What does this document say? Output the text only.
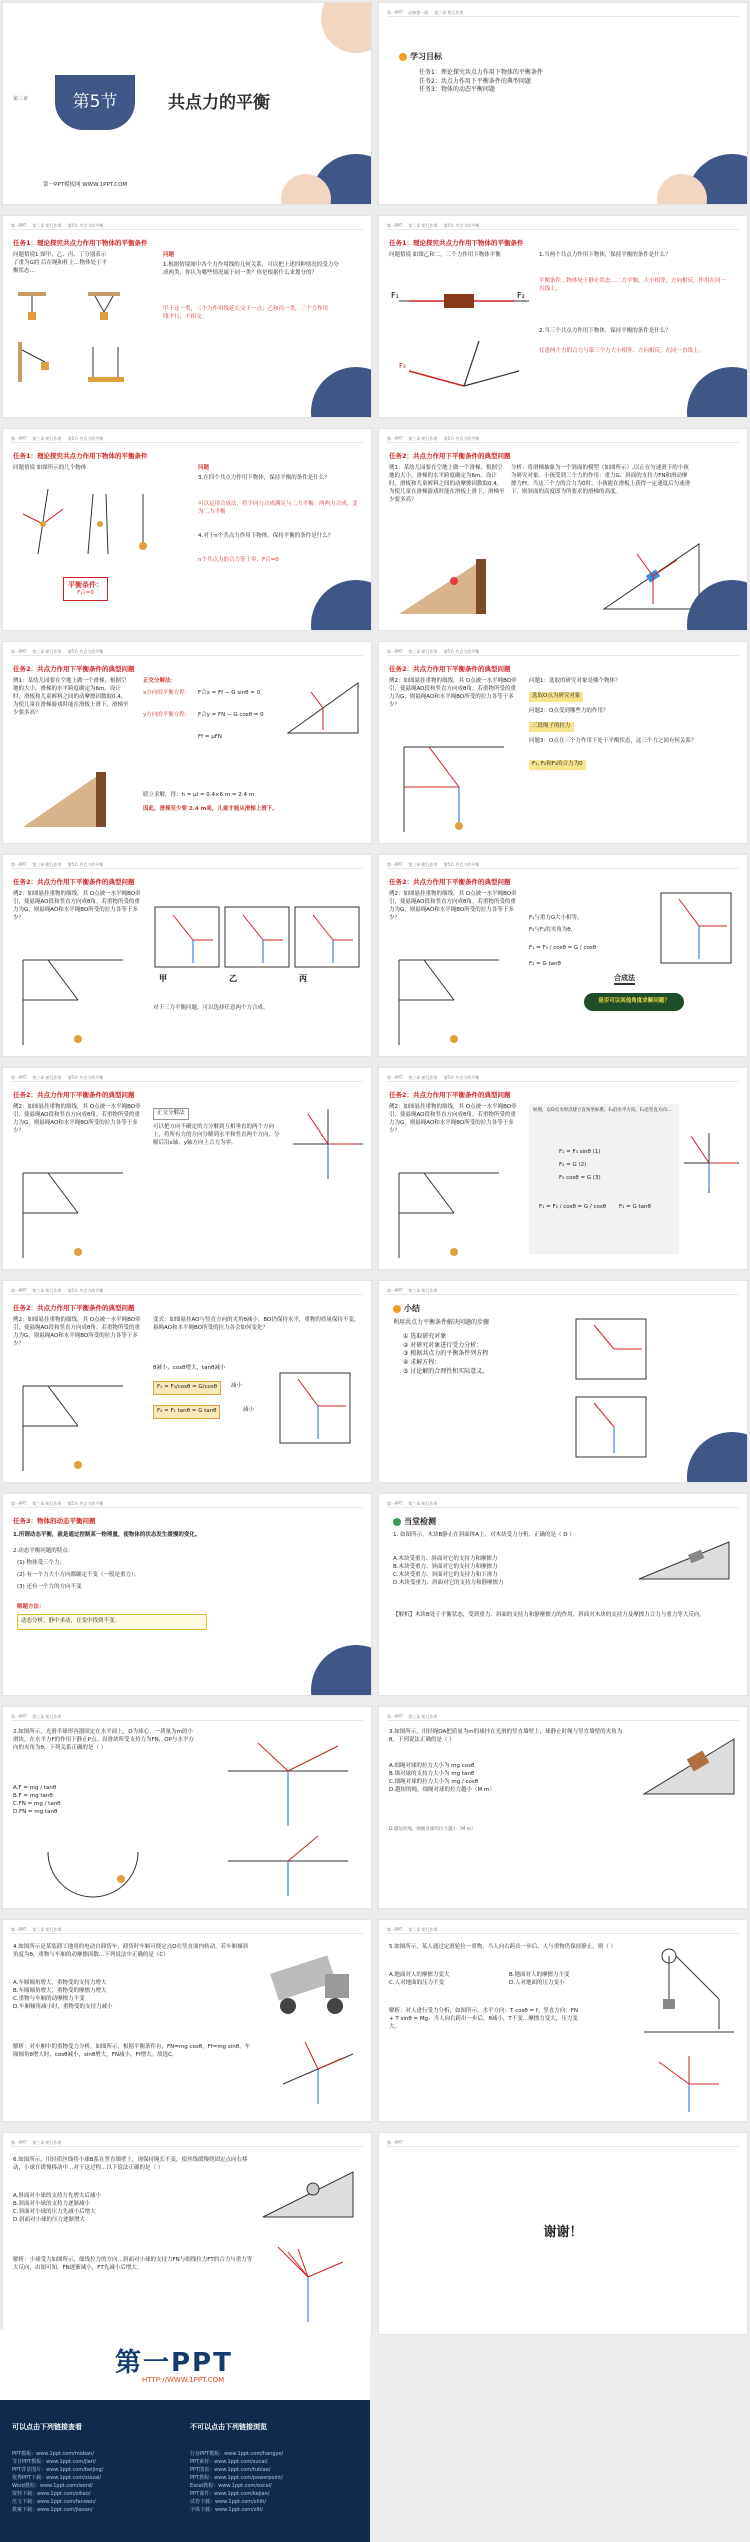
第三章	第5节	共点力的平衡
第一PPT模板网 WWW.1PPT.COM
第一PPT 必修第一册 第三章 相互作用
学习目标
任务1：理论探究共点力作用下物体的平衡条件
任务2：共点力作用下平衡条件的典型问题
任务3：物体的动态平衡问题
第一PPT 第三章 相互作用 第5节 共点力的平衡
任务1：理论探究共点力作用下物体的平衡条件
问题情境1 图甲、乙、丙、丁分别表示了重为G的 后在绳和杆上…物体处于平衡状态…
问题
1.根据情境图中各个力作用线的几何关系，可以把上述四种情况的受力分成两类，你认为哪些情况属于同一类？你是根据什么来划分的？
甲于这一类，三个力作用线延长交于一点；乙和丙一类，三个力作用线平行，不相交。
第一PPT 第三章 相互作用 第5节 共点力的平衡
任务1：理论探究共点力作用下物体的平衡条件
问题情境 如图乙和二，三个力作用下物体平衡
F₁	F₂
F₃
1.当两个共点力作用下物体，保持平衡的条件是什么？
平衡条件…物体处于静止状态…二力平衡，大小相等，方向相反，作用在同一直线上。
2.当三个共点力作用下物体，保持平衡的条件是什么？
任意两个力的合力与第三个力大小相等、方向相反，在同一直线上。
第一PPT 第三章 相互作用 第5节 共点力的平衡
任务1：理论探究共点力作用下物体的平衡条件
问题情境 如图所示的几个物体
平衡条件：
F合=0
问题
3.在四个共点力作用下物体，保持平衡的条件是什么？
可以运用合成法，将不同力合成满足与二力平衡：两两力合成，变为二力平衡
4.对于n个共点力作用下物体，保持平衡的条件是什么？
n个共点力的合力等于零，F合=0
第一PPT 第三章 相互作用 第5节 共点力的平衡
任务2：共点力作用下平衡条件的典型问题
例1：某幼儿园要在空地上做一个滑梯，根据空地的大小，滑梯的水平跨度确定为6m。设计时，滑板和儿童裤料之间的动摩擦因数取0.4，为使儿童在滑梯游戏时能在滑板上滑下，滑梯至少要多高？
分析：将滑梯抽象为一个斜面的模型（如图所示）,以正在匀速滑下的小孩为研究对象。小孩受到三个力的作用：重力G、斜面的支持力FN和滑动摩擦力Ff。当这三个力的合力为0时，小孩能在滑板上获得一定速度后匀速滑下，则斜面的高度即为所要求的滑梯的高度。
第一PPT 第三章 相互作用 第5节 共点力的平衡
任务2：共点力作用下平衡条件的典型问题
例1：某幼儿园要在空地上做一个滑梯，根据空地的大小，滑梯的水平跨度确定为6m。设计时，滑板和儿童裤料之间的动摩擦因数取0.4，为使儿童在滑梯游戏时能在滑板上滑下，滑梯至少要多高？
正交分解法：
x方向的平衡方程： F合x = Ff − G sinθ = 0
y方向的平衡方程： F合y = FN − G cosθ = 0
Ff = μFN
联立求解，得：h = μl = 0.4×6 m = 2.4 m
因此，滑梯至少要 2.4 m高，儿童才能从滑梯上滑下。
第一PPT 第三章 相互作用 第5节 共点力的平衡
任务2：共点力作用下平衡条件的典型问题
例2：如图悬挂重物的细线，其 O点被一水平绳BO牵引，使悬绳AO段和竖直方向成θ角。若重物所受的重力为G，则悬绳AO和水平绳BO所受的拉力各等于多少？
问题1：选取的研究对象是哪个物体？
选取O点为研究对象
问题2：O点受到哪些力的作用？
三段绳子的拉力
问题3：O点在三个力作用下处于平衡状态，这三个力之间有何关系？
F₁, F₂和F₃的合力为0
第一PPT 第三章 相互作用 第5节 共点力的平衡
任务2：共点力作用下平衡条件的典型问题
例2：如图悬挂重物的细线，其 O点被一水平绳BO牵引，使悬绳AO段和竖直方向成θ角。若重物所受的重力为G，则悬绳AO和水平绳BO所受的拉力各等于多少？
甲	乙	丙
对于三力平衡问题，可以选择任意两个力合成。
第一PPT 第三章 相互作用 第5节 共点力的平衡
任务2：共点力作用下平衡条件的典型问题
例2：如图悬挂重物的细线，其 O点被一水平绳BO牵引，使悬绳AO段和竖直方向成θ角。若重物所受的重力为G，则悬绳AO和水平绳BO所受的拉力各等于多少？	F₁与重力G大小相等，
F₃与F₁的夹角为θ，
F₁ = F₃ / cosθ = G / cosθ
F₂ = G tanθ
合成法
是否可以其他角度求解问题？
第一PPT 第三章 相互作用 第5节 共点力的平衡
任务2：共点力作用下平衡条件的典型问题
例2：如图悬挂重物的细线，其 O点被一水平绳BO牵引，使悬绳AO段和竖直方向成θ角。若重物所受的重力为G，则悬绳AO和水平绳BO所受的拉力各等于多少？
正交分解法
可以把方向不确定的力分解到互相垂直的两个方向上，将所有力的方向分解到水平和竖直两个方向，分解后沿x轴、y轴方向上合力为零。
第一PPT 第三章 相互作用 第5节 共点力的平衡
任务2：共点力作用下平衡条件的典型问题
例2：如图悬挂重物的细线，其 O点被一水平绳BO牵引，使悬绳AO段和竖直方向成θ角。若重物所受的重力为G，则悬绳AO和水平绳BO所受的拉力各等于多少？
如图，以O点为原点建立直角坐标系，F₁沿水平方向，F₂沿竖直方向…
F₁ = F₃ sinθ (1)
F₂ = G (2)
F₃ cosθ = G (3)
F₁ = F₃ / cosθ = G / cosθ F₂ = G tanθ
第一PPT 第三章 相互作用 第5节 共点力的平衡
任务2：共点力作用下平衡条件的典型问题
例2：如图悬挂重物的细线，其 O点被一水平绳BO牵引，使悬绳AO段和竖直方向成θ角。若重物所受的重力为G，则悬绳AO和水平绳BO所受的拉力各等于多少？
变式：如图悬挂AO与竖直方向的夹角θ减小，BO仍保持水平，重物的质量保持不变，悬绳AO和水平绳BO所受的拉力各会如何变化？
θ减小，cosθ增大，tanθ减小
F₁ = F₃/cosθ = G/cosθ	减小
F₂ = F₁ tanθ = G tanθ	减小
第一PPT 第三章 相互作用
小结
利用共点力平衡条件解决问题的步骤
① 选取研究对象
② 对研究对象进行受力分析：
③ 根据共点力的平衡条件列方程
④ 求解方程：
⑤ 讨论解的合理性和实际意义。
第一PPT 第三章 相互作用 第5节 共点力的平衡
任务3：物体的动态平衡问题
1.所谓动态平衡，就是通过控制某一物理量，使物体的状态发生缓慢的变化。
2.动态平衡问题的特点：
(1) 物体受三个力；
(2) 有一个力大小方向都确定不变（一般是重力）；
(3) 还有一个力的方向不变
解题方法：
动态分析，静中求动，在变中找到不变。
第一PPT 第三章 相互作用
当堂检测
1. 如图所示，木块B静止在斜面体A上，对木块受力分析，正确的是（ D ）
A.木块受重力、斜面对它的支持力和摩擦力
B.木块受重力、斜面对它的支持力和摩擦力
C.木块受重力、斜面对它的支持力和下滑力
D.木块受重力、斜面对它的支持力和静摩擦力
【解析】木块B处于平衡状态，受到重力、斜面的支持力和静摩擦力的作用，斜面对木块的支持力及摩擦力合力与重力等大反向。
第一PPT 第三章 相互作用
2.如图所示，光滑半球形容器固定在水平面上，O为球心，一质量为m的小滑块，在水平力F的作用下静止P点。设滑块所受支持力为FN，OP与水平方向的夹角为θ，下列关系正确的是（ ）
A.F = mg / tanθ
B.F = mg tanθ
C.FN = mg / tanθ
D.FN = mg tanθ
第一PPT 第三章 相互作用
3.如图所示，用轻绳OA把质量为m的球挂在光滑的竖直墙壁上，球静止时绳与竖直墙壁的夹角为θ，下列说法正确的是（ ）
A.细绳对球的拉力大小为 mg cosθ
B.墙对球的支持力大小为 mg tanθ
C.细绳对球的拉力大小为 mg / cosθ
D.越短的绳，细绳对球的拉力越小（M m）
D.越短的绳，细绳对球的拉力越小（M m）
第一PPT 第三章 相互作用
4.如图所示是某装卸工地用的电动自卸货车，卸货时车厢可绕定点O在竖直面内转动，若车厢倾斜角度为θ，重物与车厢的动摩擦因数…下列说法中正确的是（C）
A.车厢倾角增大，重物受的支持力增大
B.车厢倾角增大，重物受的摩擦力增大
C.重物与车厢的动摩擦力不变
D.车厢倾角减小时，重物受的支持力减小
解析：对车厢中的重物受力分析，如图所示，根据平衡条件有，FN=mg cosθ，Ff=mg sinθ，车厢倾角θ增大时，cosθ减小，sinθ增大，FN减小，Ff增大。故选C。
第一PPT 第三章 相互作用
5.如图所示，某人通过定滑轮拉一重物，当人向右跨出一步后，人与重物仍保持静止，则（ ）
A.地面对人的摩擦力变大	B.地面对人的摩擦力不变
C.人对地面的压力不变	D.人对地面的压力变小
解析：对人进行受力分析，如图所示。水平方向：T cosθ = f；竖直方向：FN + T sinθ = Mg。当人向右跨出一步后，θ减小，T不变…摩擦力变大，压力变大。
第一PPT 第三章 相互作用
6.如图所示，用轻质丝线将小球B系在竖直墙壁上，现保持绳长不变，使丝线缓慢绕固定点向右移动，小球在缓慢移动中…对于这过程…以下说法正确的是（ ）
A.斜面对小球的支持力先增大后减小
B.斜面对小球的支持力逐渐减小
C.斜面对小球的压力先减小后增大
D.斜面对小球的压力逐渐增大
解析：小球受力如图所示，细线拉力的方向…斜面对小球的支持力FN与细线拉力FT的合力与重力等大反向，由图可知，FN逐渐减小，FT先减小后增大。
第一PPT
谢谢！
第一PPT
HTTP://WWW.1PPT.COM
可以点击下列链接查看	不可以点击下列链接浏览
PPT模板：www.1ppt.com/moban/
节日PPT模板：www.1ppt.com/jieri/
PPT背景图片：www.1ppt.com/beijing/
优秀PPT下载：www.1ppt.com/xiazai/
Word教程：www.1ppt.com/word/
资料下载：www.1ppt.com/ziliao/
范文下载：www.1ppt.com/fanwen/
教案下载：www.1ppt.com/jiaoan/
行业PPT模板：www.1ppt.com/hangye/
PPT素材：www.1ppt.com/sucai/
PPT图表：www.1ppt.com/tubiao/
PPT教程：www.1ppt.com/powerpoint/
Excel教程：www.1ppt.com/excel/
PPT课件：www.1ppt.com/kejian/
试卷下载：www.1ppt.com/shiti/
字体下载：www.1ppt.com/ziti/
